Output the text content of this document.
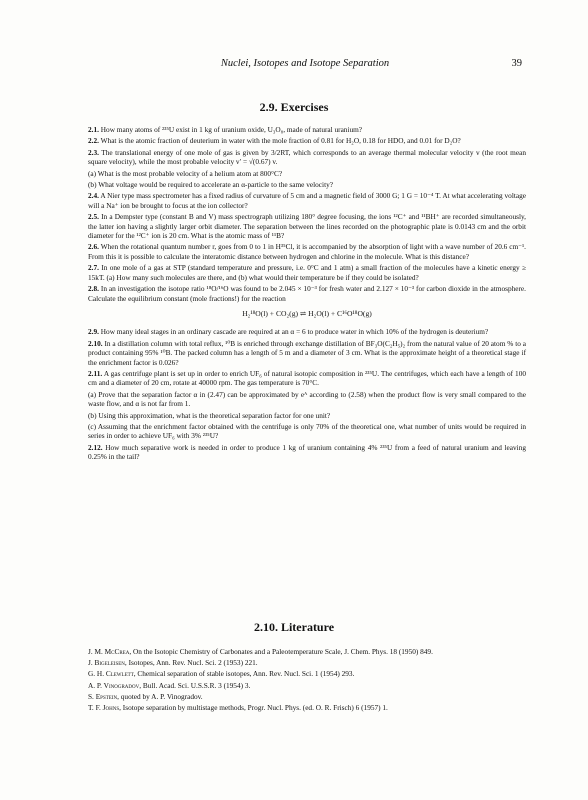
Nuclei, Isotopes and Isotope Separation	39
2.9. Exercises

2.1. How many atoms of ²³⁵U exist in 1 kg of uranium oxide, U₃O₈, made of natural uranium?

2.2. What is the atomic fraction of deuterium in water with the mole fraction of 0.81 for H₂O, 0.18 for HDO, and 0.01 for D₂O?

2.3. The translational energy of one mole of gas is given by 3/2RT, which corresponds to an average thermal molecular velocity v (the root mean square velocity), while the most probable velocity v′ = √(0.67) v.

(a) What is the most probable velocity of a helium atom at 800°C?

(b) What voltage would be required to accelerate an α-particle to the same velocity?

2.4. A Nier type mass spectrometer has a fixed radius of curvature of 5 cm and a magnetic field of 3000 G; 1 G = 10⁻⁴ T. At what accelerating voltage will a Na⁺ ion be brought to focus at the ion collector?

2.5. In a Dempster type (constant B and V) mass spectrograph utilizing 180° degree focusing, the ions ¹²C⁺ and ¹¹BH⁺ are recorded simultaneously, the latter ion having a slightly larger orbit diameter. The separation between the lines recorded on the photographic plate is 0.0143 cm and the orbit diameter for the ¹²C⁺ ion is 20 cm. What is the atomic mass of ¹¹B?

2.6. When the rotational quantum number r, goes from 0 to 1 in H³⁵Cl, it is accompanied by the absorption of light with a wave number of 20.6 cm⁻¹. From this it is possible to calculate the interatomic distance between hydrogen and chlorine in the molecule. What is this distance?

2.7. In one mole of a gas at STP (standard temperature and pressure, i.e. 0°C and 1 atm) a small fraction of the molecules have a kinetic energy ≥ 15kT. (a) How many such molecules are there, and (b) what would their temperature be if they could be isolated?

2.8. In an investigation the isotope ratio ¹⁸O/¹⁶O was found to be 2.045 × 10⁻³ for fresh water and 2.127 × 10⁻³ for carbon dioxide in the atmosphere. Calculate the equilibrium constant (mole fractions!) for the reaction

H₂¹⁸O(l) + CO₂(g) ⇌ H₂O(l) + C¹⁶O¹⁸O(g)

2.9. How many ideal stages in an ordinary cascade are required at an α = 6 to produce water in which 10% of the hydrogen is deuterium?

2.10. In a distillation column with total reflux, ¹⁰B is enriched through exchange distillation of BF₃O(C₂H₅)₂ from the natural value of 20 atom % to a product containing 95% ¹⁰B. The packed column has a length of 5 m and a diameter of 3 cm. What is the approximate height of a theoretical stage if the enrichment factor is 0.026?

2.11. A gas centrifuge plant is set up in order to enrich UF₆ of natural isotopic composition in ²³⁵U. The centrifuges, which each have a length of 100 cm and a diameter of 20 cm, rotate at 40000 rpm. The gas temperature is 70°C.

(a) Prove that the separation factor α in (2.47) can be approximated by eᴬ according to (2.58) when the product flow is very small compared to the waste flow, and α is not far from 1.

(b) Using this approximation, what is the theoretical separation factor for one unit?

(c) Assuming that the enrichment factor obtained with the centrifuge is only 70% of the theoretical one, what number of units would be required in series in order to achieve UF₆ with 3% ²³⁵U?

2.12. How much separative work is needed in order to produce 1 kg of uranium containing 4% ²³⁵U from a feed of natural uranium and leaving 0.25% in the tail?

2.10. Literature

J. M. McCrea, On the Isotopic Chemistry of Carbonates and a Paleotemperature Scale, J. Chem. Phys. 18 (1950) 849.

J. Bigeleisen, Isotopes, Ann. Rev. Nucl. Sci. 2 (1953) 221.

G. H. Clewlett, Chemical separation of stable isotopes, Ann. Rev. Nucl. Sci. 1 (1954) 293.

A. P. Vinogradov, Bull. Acad. Sci. U.S.S.R. 3 (1954) 3.

S. Epstein, quoted by A. P. Vinogradov.

T. F. Johns, Isotope separation by multistage methods, Progr. Nucl. Phys. (ed. O. R. Frisch) 6 (1957) 1.
